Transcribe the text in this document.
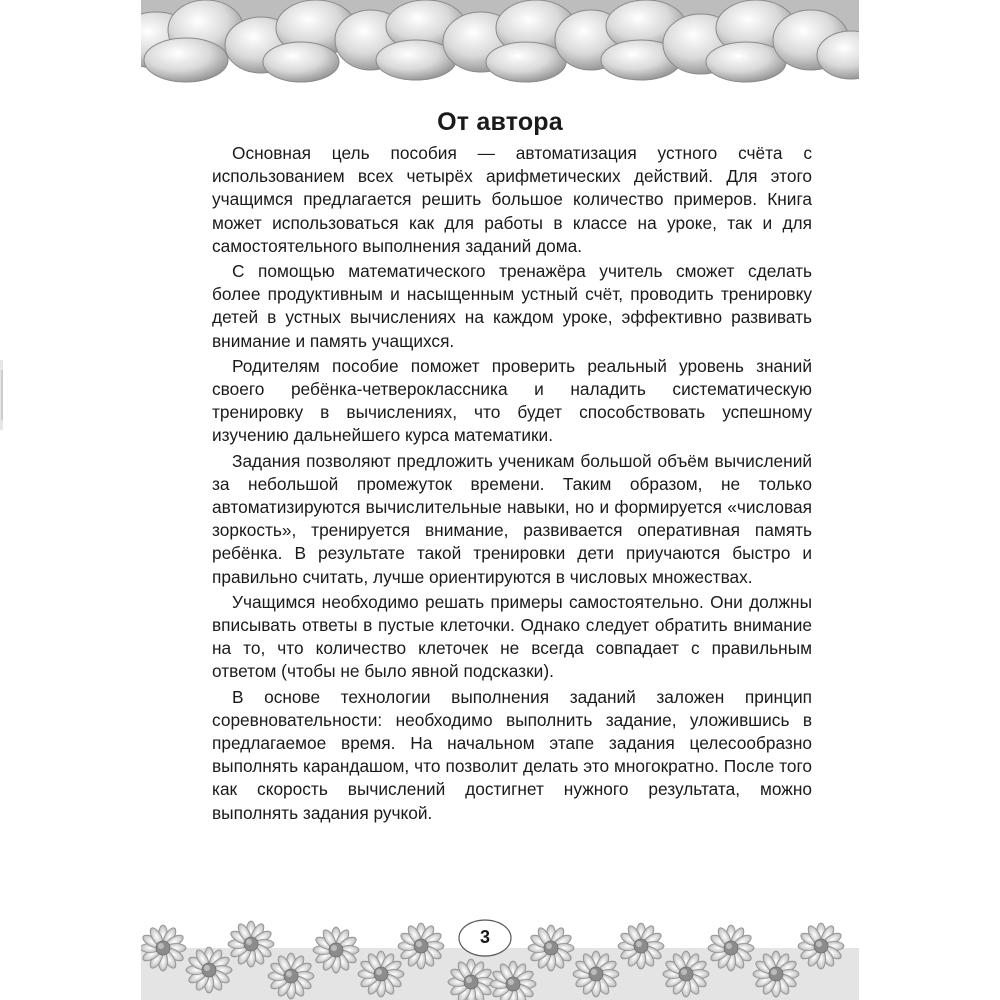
От автора

Основная цель пособия — автоматизация устного счёта с использованием всех четырёх арифметических действий. Для этого учащимся предлагается решить большое количество примеров. Книга может использоваться как для работы в классе на уроке, так и для самостоятельного выполнения заданий дома.

С помощью математического тренажёра учитель сможет сделать более продуктивным и насыщенным устный счёт, проводить тренировку детей в устных вычислениях на каждом уроке, эффективно развивать внимание и память учащихся.

Родителям пособие поможет проверить реальный уровень знаний своего ребёнка-четвероклассника и наладить систематическую тренировку в вычислениях, что будет способствовать успешному изучению дальнейшего курса математики.

Задания позволяют предложить ученикам большой объём вычислений за небольшой промежуток времени. Таким образом, не только автоматизируются вычислительные навыки, но и формируется «числовая зоркость», тренируется внимание, развивается оперативная память ребёнка. В результате такой тренировки дети приучаются быстро и правильно считать, лучше ориентируются в числовых множествах.

Учащимся необходимо решать примеры самостоятельно. Они должны вписывать ответы в пустые клеточки. Однако следует обратить внимание на то, что количество клеточек не всегда совпадает с правильным ответом (чтобы не было явной подсказки).

В основе технологии выполнения заданий заложен принцип соревновательности: необходимо выполнить задание, уложившись в предлагаемое время. На начальном этапе задания целесообразно выполнять карандашом, что позволит делать это многократно. После того как скорость вычислений достигнет нужного результата, можно выполнять задания ручкой.

3
